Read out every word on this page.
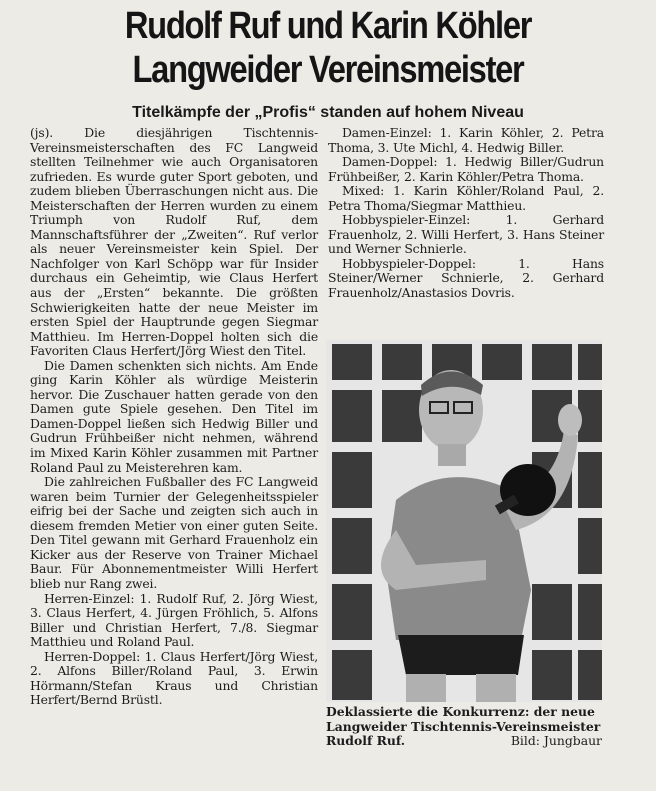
Rudolf Ruf und Karin Köhler
Langweider Vereinsmeister
Titelkämpfe der „Profis“ standen auf hohem Niveau

(js). Die diesjährigen Tischtennis-Vereinsmeisterschaften des FC Langweid stellten Teilnehmer wie auch Organisatoren zufrieden. Es wurde guter Sport geboten, und zudem blieben Überraschungen nicht aus. Die Meisterschaften der Herren wurden zu einem Triumph von Rudolf Ruf, dem Mannschaftsführer der „Zweiten“. Ruf verlor als neuer Vereinsmeister kein Spiel. Der Nachfolger von Karl Schöpp war für Insider durchaus ein Geheimtip, wie Claus Herfert aus der „Ersten“ bekannte. Die größten Schwierigkeiten hatte der neue Meister im ersten Spiel der Hauptrunde gegen Siegmar Matthieu. Im Herren-Doppel holten sich die Favoriten Claus Herfert/Jörg Wiest den Titel.

Die Damen schenkten sich nichts. Am Ende ging Karin Köhler als würdige Meisterin hervor. Die Zuschauer hatten gerade von den Damen gute Spiele gesehen. Den Titel im Damen-Doppel ließen sich Hedwig Biller und Gudrun Frühbeißer nicht nehmen, während im Mixed Karin Köhler zusammen mit Partner Roland Paul zu Meisterehren kam.

Die zahlreichen Fußballer des FC Langweid waren beim Turnier der Gelegenheitsspieler eifrig bei der Sache und zeigten sich auch in diesem fremden Metier von einer guten Seite. Den Titel gewann mit Gerhard Frauenholz ein Kicker aus der Reserve von Trainer Michael Baur. Für Abonnementmeister Willi Herfert blieb nur Rang zwei.

Herren-Einzel: 1. Rudolf Ruf, 2. Jörg Wiest, 3. Claus Herfert, 4. Jürgen Fröhlich, 5. Alfons Biller und Christian Herfert, 7./8. Siegmar Matthieu und Roland Paul.

Herren-Doppel: 1. Claus Herfert/Jörg Wiest, 2. Alfons Biller/Roland Paul, 3. Erwin Hörmann/Stefan Kraus und Christian Herfert/Bernd Brüstl.

Damen-Einzel: 1. Karin Köhler, 2. Petra Thoma, 3. Ute Michl, 4. Hedwig Biller.

Damen-Doppel: 1. Hedwig Biller/Gudrun Frühbeißer, 2. Karin Köhler/Petra Thoma.

Mixed: 1. Karin Köhler/Roland Paul, 2. Petra Thoma/Siegmar Matthieu.

Hobbyspieler-Einzel: 1. Gerhard Frauenholz, 2. Willi Herfert, 3. Hans Steiner und Werner Schnierle.

Hobbyspieler-Doppel: 1. Hans Steiner/Werner Schnierle, 2. Gerhard Frauenholz/Anastasios Dovris.

Deklassierte die Konkurrenz: der neue Langweider Tischtennis-Vereinsmeister Rudolf Ruf.	Bild: Jungbaur
